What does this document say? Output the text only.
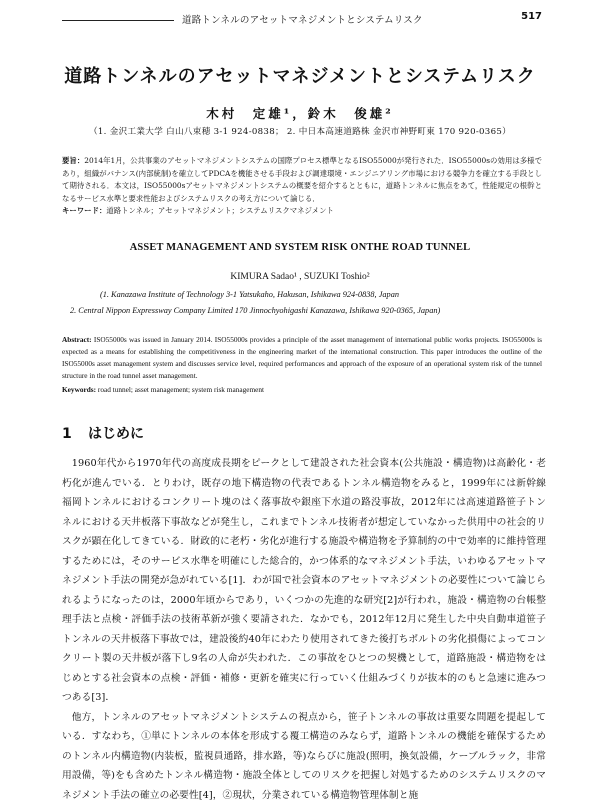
道路トンネルのアセットマネジメントとシステムリスク	517
道路トンネルのアセットマネジメントとシステムリスク
木村　定雄¹，鈴木　俊雄²
（1. 金沢工業大学 白山八束穂 3-1 924-0838； 2. 中日本高速道路株 金沢市神野町東 170 920-0365）
要旨：2014年1月，公共事業のアセットマネジメントシステムの国際プロセス標準となるISO55000が発行された．ISO55000sの効用は多様であり，組織がバナンス(内部統制)を確立してPDCAを機能させる手段および調達環境・エンジニアリング市場における競争力を確立する手段として期待される．本文は，ISO55000sアセットマネジメントシステムの概要を紹介するとともに，道路トンネルに焦点をあて，性能規定の根幹となるサービス水準と要求性能およびシステムリスクの考え方について論じる．
キーワード：道路トンネル；アセットマネジメント；システムリスクマネジメント
ASSET MANAGEMENT AND SYSTEM RISK ONTHE ROAD TUNNEL
KIMURA Sadao¹ , SUZUKI Toshio²
(1. Kanazawa Institute of Technology 3-1 Yatsukaho, Hakusan, Ishikawa 924-0838, Japan
2. Central Nippon Expressway Company Limited 170 Jinnochyohigashi Kanazawa, Ishikawa 920-0365, Japan)
Abstract: ISO55000s was issued in January 2014. ISO55000s provides a principle of the asset management of international public works projects. ISO55000s is expected as a means for establishing the competitiveness in the engineering market of the international construction. This paper introduces the outline of the ISO55000s asset management system and discusses service level, required performances and approach of the exposure of an operational system risk of the tunnel structure in the road tunnel asset management.
Keywords: road tunnel; asset management; system risk management
1 はじめに

1960年代から1970年代の高度成長期をピークとして建設された社会資本(公共施設・構造物)は高齢化・老朽化が進んでいる．とりわけ，既存の地下構造物の代表であるトンネル構造物をみると，1999年には新幹線福岡トンネルにおけるコンクリート塊のはく落事故や銀座下水道の路没事故，2012年には高速道路笹子トンネルにおける天井板落下事故などが発生し，これまでトンネル技術者が想定していなかった供用中の社会的リスクが顕在化してきている．財政的に老朽・劣化が進行する施設や構造物を予算制約の中で効率的に維持管理するためには，そのサービス水準を明確にした総合的，かつ体系的なマネジメント手法，いわゆるアセットマネジメント手法の開発が急がれている[1]．わが国で社会資本のアセットマネジメントの必要性について論じられるようになったのは，2000年頃からであり，いくつかの先進的な研究[2]が行われ，施設・構造物の台帳整理手法と点検・評価手法の技術革新が強く要請された．なかでも，2012年12月に発生した中央自動車道笹子トンネルの天井板落下事故では，建設後約40年にわたり使用されてきた後打ちボルトの劣化損傷によってコンクリート製の天井板が落下し9名の人命が失われた．この事故をひとつの契機として，道路施設・構造物をはじめとする社会資本の点検・評価・補修・更新を確実に行っていく仕組みづくりが抜本的のもと急速に進みつつある[3]．

他方，トンネルのアセットマネジメントシステムの視点から，笹子トンネルの事故は重要な問題を提起している．すなわち，①単にトンネルの本体を形成する覆工構造のみならず，道路トンネルの機能を確保するためのトンネル内構造物(内装板，監視員通路，排水路，等)ならびに施設(照明，換気設備，ケーブルラック，非常用設備，等)をも含めたトンネル構造物・施設全体としてのリスクを把握し対処するためのシステムリスクのマネジメント手法の確立の必要性[4]，②現状，分業されている構造物管理体制と施
